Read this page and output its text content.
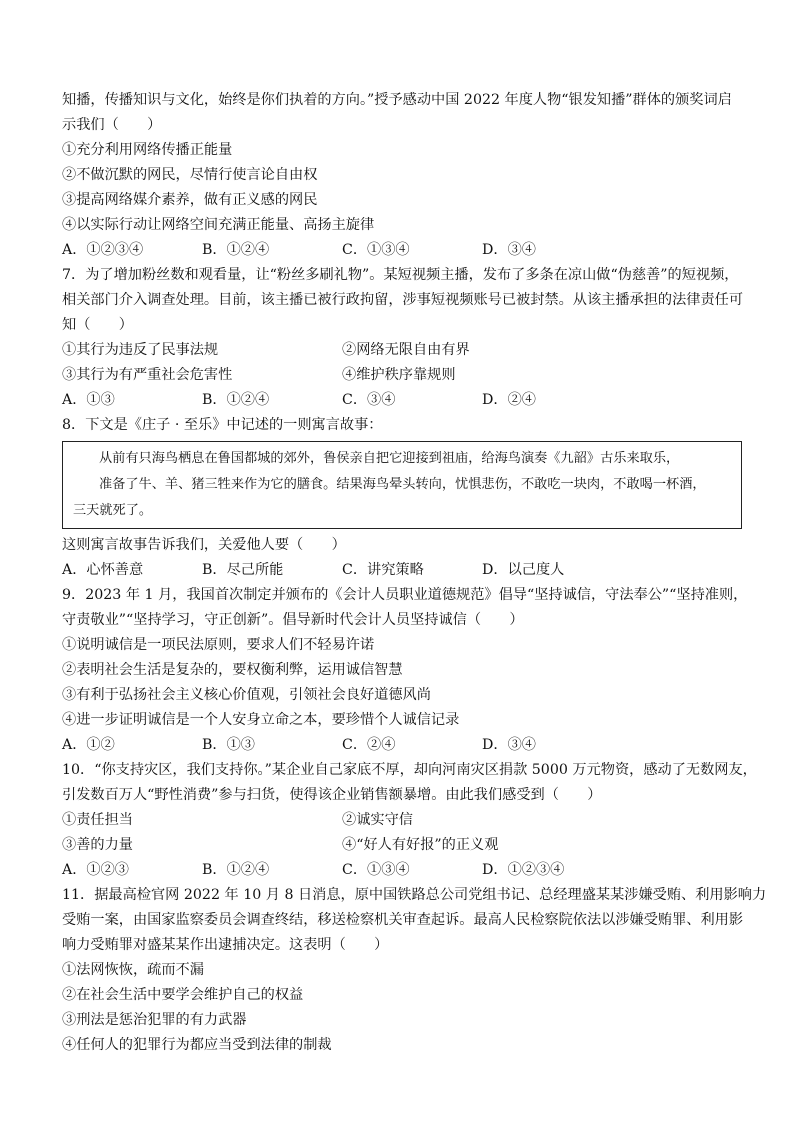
知播，传播知识与文化，始终是你们执着的方向。”授予感动中国 2022 年度人物“银发知播”群体的颁奖词启
示我们（　　）
①充分利用网络传播正能量
②不做沉默的网民，尽情行使言论自由权
③提高网络媒介素养，做有正义感的网民
④以实际行动让网络空间充满正能量、高扬主旋律
A．①②③④	B．①②④	C．①③④	D．③④
7．为了增加粉丝数和观看量，让“粉丝多刷礼物”。某短视频主播，发布了多条在凉山做“伪慈善”的短视频，
相关部门介入调查处理。目前，该主播已被行政拘留，涉事短视频账号已被封禁。从该主播承担的法律责任可
知（　　）
①其行为违反了民事法规	②网络无限自由有界
③其行为有严重社会危害性	④维护秩序靠规则
A．①③	B．①②④	C．③④	D．②④
8．下文是《庄子 · 至乐》中记述的一则寓言故事：
从前有只海鸟栖息在鲁国都城的郊外，鲁侯亲自把它迎接到祖庙，给海鸟演奏《九韶》古乐来取乐，
准备了牛、羊、猪三牲来作为它的膳食。结果海鸟晕头转向，忧惧悲伤，不敢吃一块肉，不敢喝一杯酒，
三天就死了。
这则寓言故事告诉我们，关爱他人要（　　）
A．心怀善意	B．尽己所能	C．讲究策略	D．以己度人
9．2023 年 1 月，我国首次制定并颁布的《会计人员职业道德规范》倡导“坚持诚信，守法奉公”“坚持准则，
守责敬业”“坚持学习，守正创新”。倡导新时代会计人员坚持诚信（　　）
①说明诚信是一项民法原则，要求人们不轻易许诺
②表明社会生活是复杂的，要权衡利弊，运用诚信智慧
③有利于弘扬社会主义核心价值观，引领社会良好道德风尚
④进一步证明诚信是一个人安身立命之本，要珍惜个人诚信记录
A．①②	B．①③	C．②④	D．③④
10．“你支持灾区，我们支持你。”某企业自己家底不厚，却向河南灾区捐款 5000 万元物资，感动了无数网友，
引发数百万人“野性消费”参与扫货，使得该企业销售额暴增。由此我们感受到（　　）
①责任担当	②诚实守信
③善的力量	④“好人有好报”的正义观
A．①②③	B．①②④	C．①③④	D．①②③④
11．据最高检官网 2022 年 10 月 8 日消息，原中国铁路总公司党组书记、总经理盛某某涉嫌受贿、利用影响力
受贿一案，由国家监察委员会调查终结，移送检察机关审查起诉。最高人民检察院依法以涉嫌受贿罪、利用影
响力受贿罪对盛某某作出逮捕决定。这表明（　　）
①法网恢恢，疏而不漏
②在社会生活中要学会维护自己的权益
③刑法是惩治犯罪的有力武器
④任何人的犯罪行为都应当受到法律的制裁
